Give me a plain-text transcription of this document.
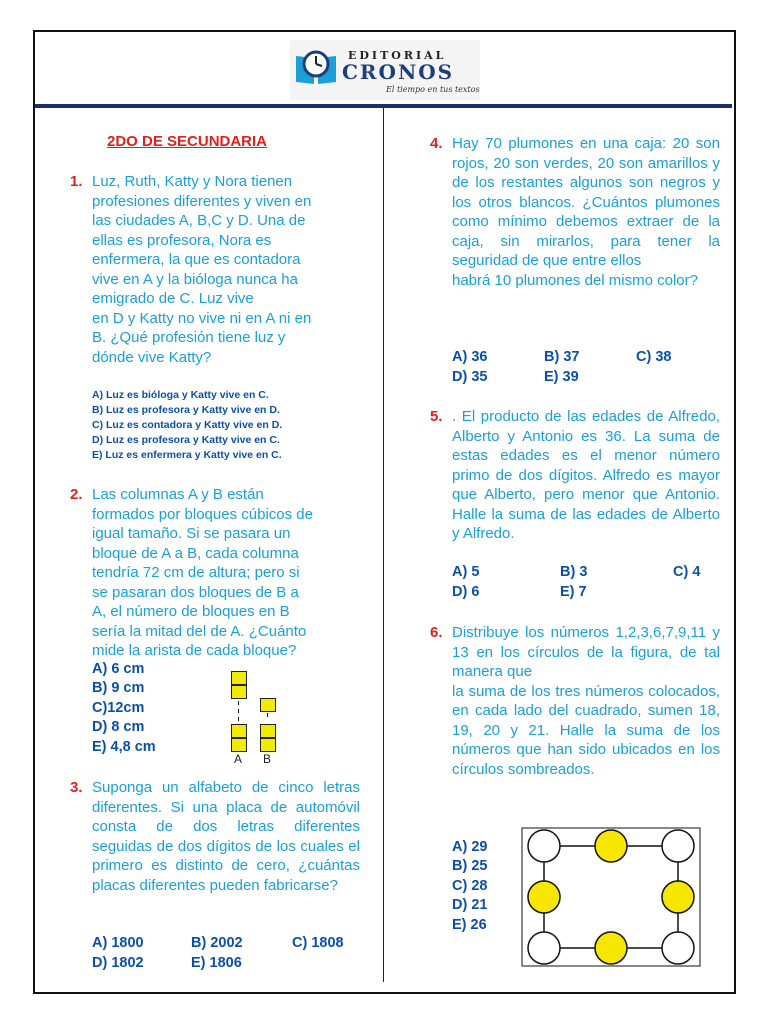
EDITORIAL
CRONOS
El tiempo en tus textos
2DO DE SECUNDARIA
1. Luz, Ruth, Katty y Nora tienen
profesiones diferentes y viven en
las ciudades A, B,C y D. Una de
ellas es profesora, Nora es
enfermera, la que es contadora
vive en A y la bióloga nunca ha
emigrado de C. Luz vive
en D y Katty no vive ni en A ni en
B. ¿Qué profesión tiene luz y
dónde vive Katty?
A) Luz es bióloga y Katty vive en C.
B) Luz es profesora y Katty vive en D.
C) Luz es contadora y Katty vive en D.
D) Luz es profesora y Katty vive en C.
E) Luz es enfermera y Katty vive en C.
2. Las columnas A y B están
formados por bloques cúbicos de
igual tamaño. Si se pasara un
bloque de A a B, cada columna
tendría 72 cm de altura; pero si
se pasaran dos bloques de B a
A, el número de bloques en B
sería la mitad del de A. ¿Cuánto
mide la arista de cada bloque?
A) 6 cm
B) 9 cm
C)12cm
D) 8 cm
E) 4,8 cm
A B
3. Suponga un alfabeto de cinco letras diferentes. Si una placa de automóvil consta de dos letras diferentes seguidas de dos dígitos de los cuales el primero es distinto de cero, ¿cuántas placas diferentes pueden fabricarse?
A) 1800	B) 2002	C) 1808
D) 1802	E) 1806
4. Hay 70 plumones en una caja: 20 son rojos, 20 son verdes, 20 son amarillos y de los restantes algunos son negros y los otros blancos. ¿Cuántos plumones como mínimo debemos extraer de la caja, sin mirarlos, para tener la seguridad de que entre ellos
habrá 10 plumones del mismo color?
A) 36	B) 37	C) 38
D) 35	E) 39
5. . El producto de las edades de Alfredo, Alberto y Antonio es 36. La suma de estas edades es el menor número primo de dos dígitos. Alfredo es mayor que Alberto, pero menor que Antonio. Halle la suma de las edades de Alberto y Alfredo.
A) 5	B) 3	C) 4
D) 6	E) 7
6. Distribuye los números 1,2,3,6,7,9,11 y 13 en los círculos de la figura, de tal manera que
la suma de los tres números colocados, en cada lado del cuadrado, sumen 18, 19, 20 y 21. Halle la suma de los números que han sido ubicados en los círculos sombreados.
A) 29
B) 25
C) 28
D) 21
E) 26
